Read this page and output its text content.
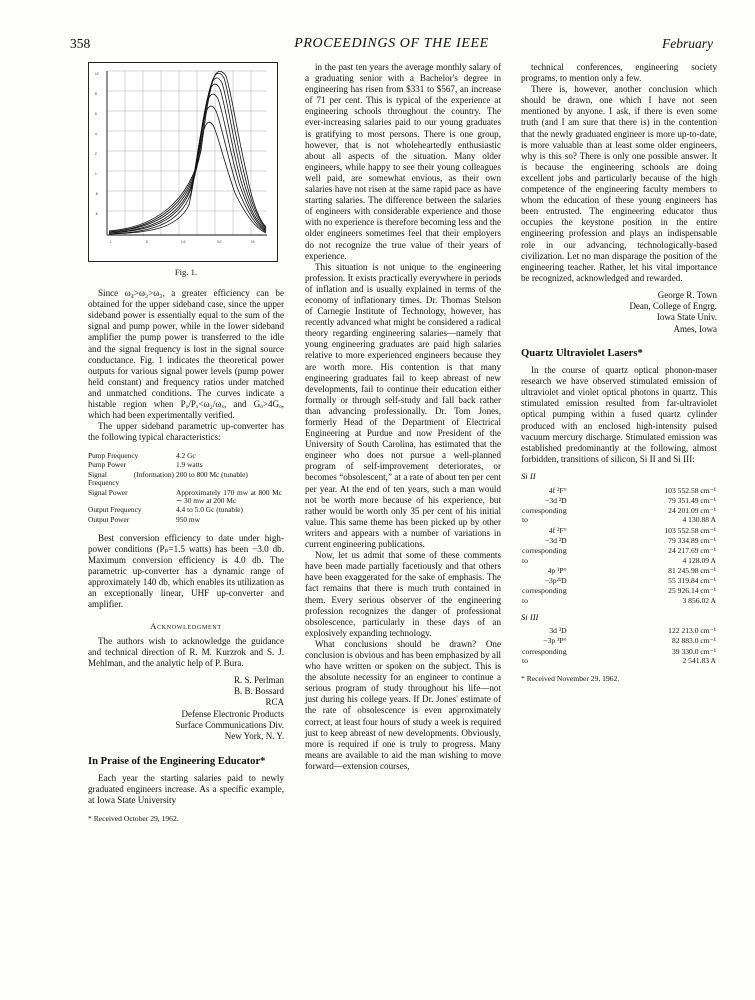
358	PROCEEDINGS OF THE IEEE	February
10
8
6
4
2
1
.8
.6
.1	.3	1.0	3.0	10
Fig. 1.

Since ω₄>ω₂>ω₃, a greater efficiency can be obtained for the upper sideband case, since the upper sideband power is essentially equal to the sum of the signal and pump power, while in the lower sideband amplifier the pump power is transferred to the idle and the signal frequency is lost in the signal source conductance. Fig. 1 indicates the theoretical power outputs for various signal power levels (pump power held constant) and frequency ratios under matched and unmatched conditions. The curves indicate a histable region when Pₒ/Pₓ<ω₂/ωₓ, and Gₒ>4Gₒ, which had been experimentally verified.

The upper sideband parametric up-converter has the following typical characteristics:

Pump Frequency	4.2 Gc
Pump Power	1.9 watts
Signal (Information) Frequency	200 to 800 Mc (tunable)
Signal Power	Approximately 170 mw at 800 Mc ∼ 30 mw at 200 Mc
Output Frequency	4.4 to 5.0 Gc (tunable)
Output Power	950 mw

Best conversion efficiency to date under high-power conditions (Pₚ=1.5 watts) has been −3.0 db. Maximum conversion efficiency is 4.0 db. The parametric up-converter has a dynamic range of approximately 140 db, which enables its utilization as an exceptionally linear, UHF up-converter and amplifier.

Acknowledgment

The authors wish to acknowledge the guidance and technical direction of R. M. Kurzrok and S. J. Mehlman, and the analytic help of P. Bura.

R. S. Perlman
B. B. Bossard
RCA
Defense Electronic Products
Surface Communications Div.
New York, N. Y.
In Praise of the Engineering Educator*

Each year the starting salaries paid to newly graduated engineers increase. As a specific example, at Iowa State University

* Received October 29, 1962.

in the past ten years the average monthly salary of a graduating senior with a Bachelor's degree in engineering has risen from $331 to $567, an increase of 71 per cent. This is typical of the experience at engineering schools throughout the country. The ever-increasing salaries paid to our young graduates is gratifying to most persons. There is one group, however, that is not wholeheartedly enthusiastic about all aspects of the situation. Many older engineers, while happy to see their young colleagues well paid, are somewhat envious, as their own salaries have not risen at the same rapid pace as have starting salaries. The difference between the salaries of engineers with considerable experience and those with no experience is therefore becoming less and the older engineers sometimes feel that their employers do not recognize the true value of their years of experience.

This situation is not unique to the engineering profession. It exists practically everywhere in periods of inflation and is usually explained in terms of the economy of inflationary times. Dr. Thomas Stelson of Carnegie Institute of Technology, however, has recently advanced what might be considered a radical theory regarding engineering salaries—namely that young engineering graduates are paid high salaries relative to more experienced engineers because they are worth more. His contention is that many engineering graduates fail to keep abreast of new developments, fail to continue their education either formally or through self-study and fall back rather than advancing professionally. Dr. Tom Jones, formerly Head of the Department of Electrical Engineering at Purdue and now President of the University of South Carolina, has estimated that the engineer who does not pursue a well-planned program of self-improvement deteriorates, or becomes “obsolescent,” at a rate of about ten per cent per year. At the end of ten years, such a man would not be worth more because of his experience, but rather would be worth only 35 per cent of his initial value. This same theme has been picked up by other writers and appears with a number of variations in current engineering publications.

Now, let us admit that some of these comments have been made partially facetiously and that others have been exaggerated for the sake of emphasis. The fact remains that there is much truth contained in them. Every serious observer of the engineering profession recognizes the danger of professional obsolescence, particularly in these days of an explosively expanding technology.

What conclusions should be drawn? One conclusion is obvious and has been emphasized by all who have written or spoken on the subject. This is the absolute necessity for an engineer to continue a serious program of study throughout his life—not just during his college years. If Dr. Jones' estimate of the rate of obsolescence is even approximately correct, at least four hours of study a week is required just to keep abreast of new developments. Obviously, more is required if one is truly to progress. Many means are available to aid the man wishing to move forward—extension courses,

technical conferences, engineering society programs, to mention only a few.

There is, however, another conclusion which should be drawn, one which I have not seen mentioned by anyone. I ask, if there is even some truth (and I am sure that there is) in the contention that the newly graduated engineer is more up-to-date, is more valuable than at least some older engineers, why is this so? There is only one possible answer. It is because the engineering schools are doing excellent jobs and particularly because of the high competence of the engineering faculty members to whom the education of these young engineers has been entrusted. The engineering educator thus occupies the keystone position in the entire engineering profession and plays an indispensable role in our advancing, technologically-based civilization. Let no man disparage the position of the engineering teacher. Rather, let his vital importance be recognized, acknowledged and rewarded.

George R. Town
Dean, College of Engrg.
Iowa State Univ.
Ames, Iowa
Quartz Ultraviolet Lasers*

In the course of quartz optical phonon-maser research we have observed stimulated emission of ultraviolet and violet optical photons in quartz. This stimulated emission resulted from far-ultraviolet optical pumping within a fused quartz cylinder produced with an enclosed high-intensity pulsed vacuum mercury discharge. Stimulated emission was established predominantly at the following, almost forbidden, transitions of silicon, Si II and Si III:

Si II
4f ²F°	103 552.58 cm⁻¹
−3d ²D	79 351.49 cm⁻¹
corresponding to	24 201.09 cm⁻¹
4 130.88 A

4f ²F°	103 552.58 cm⁻¹
−3d ²D	79 334.89 cm⁻¹
corresponding to	24 217.69 cm⁻¹
4 128.09 A

4p ¹P°	81 245.98 cm⁻¹
−3p²¹D	55 319.84 cm⁻¹
corresponding to	25 926.14 cm⁻¹
3 856.02 A
Si III
3d ³D	122 213.0 cm⁻¹
−3p ³P°	82 883.0 cm⁻¹
corresponding to	39 330.0 cm⁻¹
2 541.83 A
* Received November 29, 1962.
